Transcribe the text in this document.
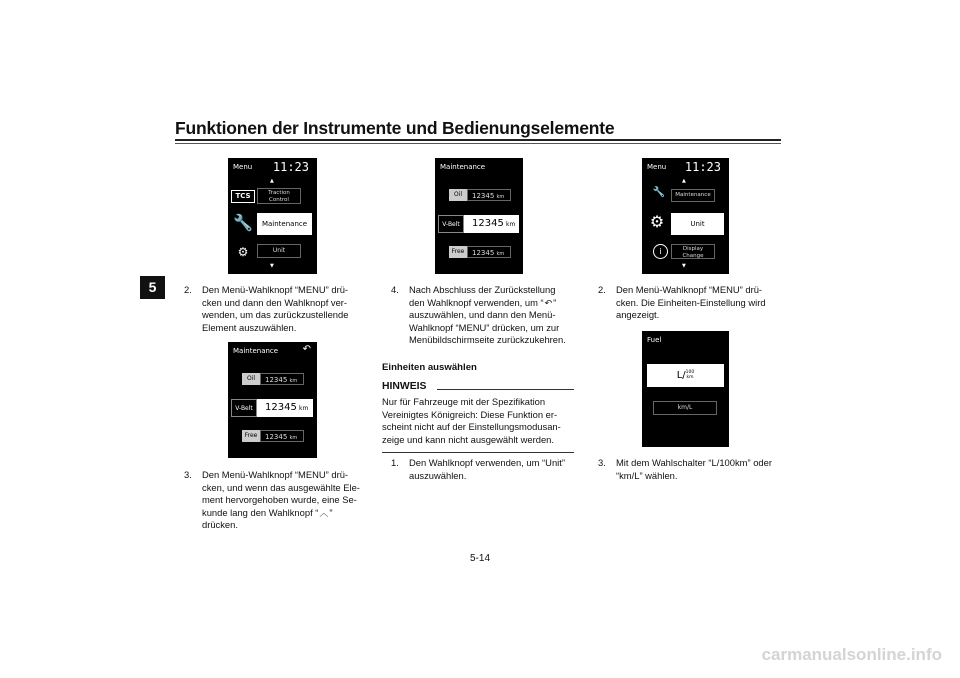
Funktionen der Instrumente und Bedienungselemente
5
Menu 11:23
▲
TCS	Traction Control
🔧	Maintenance
⚙	Unit
▼
Maintenance ↶
Oil	12345 km
V-Belt	12345 km
Free	12345 km
Maintenance
Oil	12345 km
V-Belt	12345 km
Free	12345 km
Menu 11:23
▲
🔧	Maintenance
⚙	Unit
i	Display Change
▼
Fuel
L/ 100
km
km/L
2. Den Menü-Wahlknopf “MENU” drü-
cken und dann den Wahlknopf ver-
wenden, um das zurückzustellende
Element auszuwählen.
3. Den Menü-Wahlknopf “MENU” drü-
cken, und wenn das ausgewählte Ele-
ment hervorgehoben wurde, eine Se-
kunde lang den Wahlknopf “︿”
drücken.
4. Nach Abschluss der Zurückstellung
den Wahlknopf verwenden, um “↶”
auszuwählen, und dann den Menü-
Wahlknopf “MENU” drücken, um zur
Menübildschirmseite zurückzukehren.
Einheiten auswählen
HINWEIS
Nur für Fahrzeuge mit der Spezifikation
Vereinigtes Königreich: Diese Funktion er-
scheint nicht auf der Einstellungsmodusan-
zeige und kann nicht ausgewählt werden.
1. Den Wahlknopf verwenden, um “Unit”
auszuwählen.
2. Den Menü-Wahlknopf “MENU” drü-
cken. Die Einheiten-Einstellung wird
angezeigt.
3. Mit dem Wahlschalter “L/100km” oder
“km/L” wählen.
5-14
carmanualsonline.info
